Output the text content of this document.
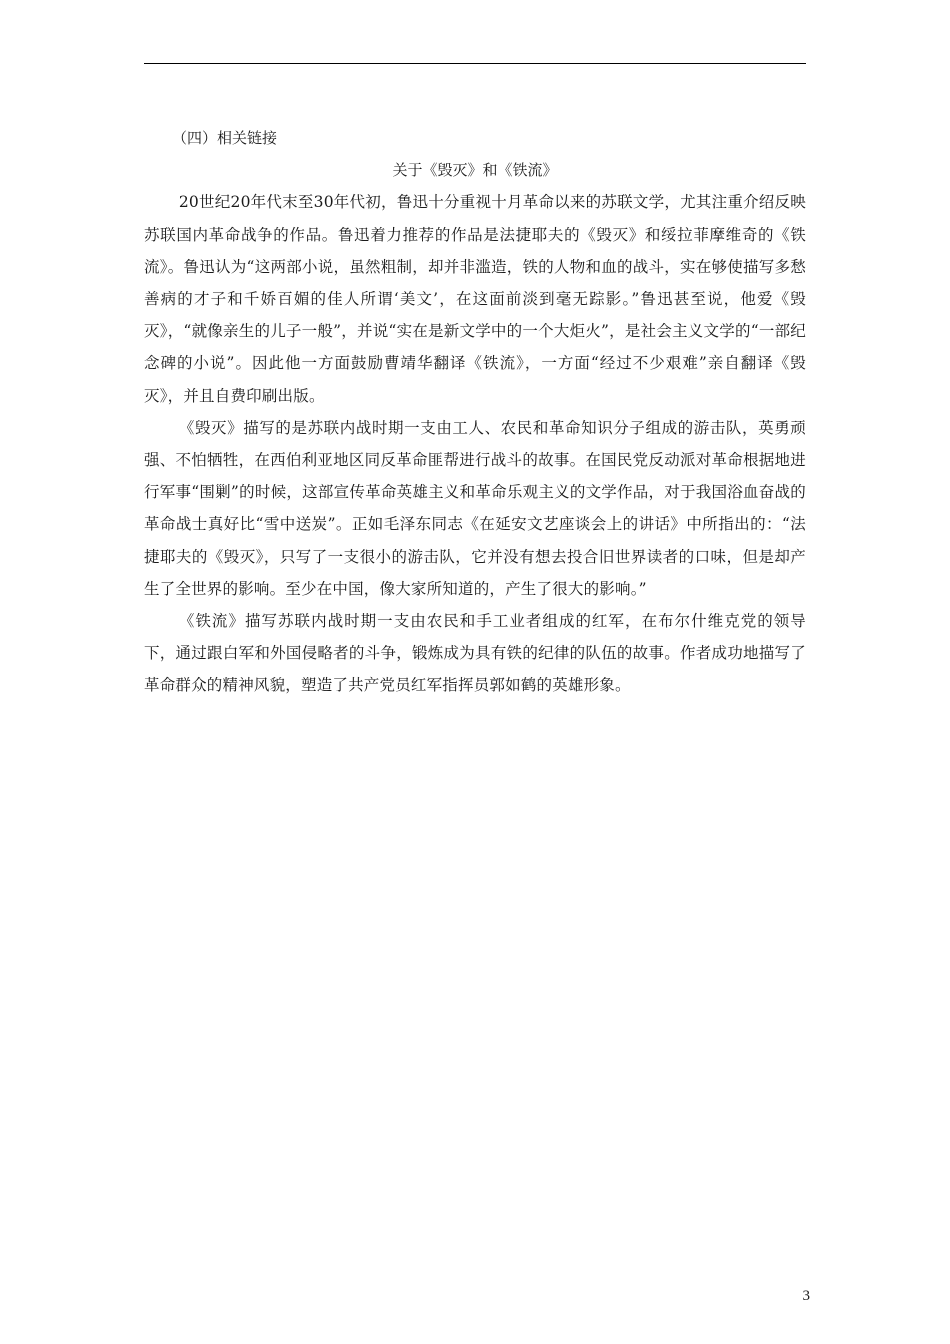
（四）相关链接

关于《毁灭》和《铁流》

20世纪20年代末至30年代初，鲁迅十分重视十月革命以来的苏联文学，尤其注重介绍反映苏联国内革命战争的作品。鲁迅着力推荐的作品是法捷耶夫的《毁灭》和绥拉菲摩维奇的《铁流》。鲁迅认为“这两部小说，虽然粗制，却并非滥造，铁的人物和血的战斗，实在够使描写多愁善病的才子和千娇百媚的佳人所谓‘美文’，在这面前淡到毫无踪影。”鲁迅甚至说，他爱《毁灭》，“就像亲生的儿子一般”，并说“实在是新文学中的一个大炬火”，是社会主义文学的“一部纪念碑的小说”。因此他一方面鼓励曹靖华翻译《铁流》，一方面“经过不少艰难”亲自翻译《毁灭》，并且自费印刷出版。

《毁灭》描写的是苏联内战时期一支由工人、农民和革命知识分子组成的游击队，英勇顽强、不怕牺牲，在西伯利亚地区同反革命匪帮进行战斗的故事。在国民党反动派对革命根据地进行军事“围剿”的时候，这部宣传革命英雄主义和革命乐观主义的文学作品，对于我国浴血奋战的革命战士真好比“雪中送炭”。正如毛泽东同志《在延安文艺座谈会上的讲话》中所指出的：“法捷耶夫的《毁灭》，只写了一支很小的游击队，它并没有想去投合旧世界读者的口味，但是却产生了全世界的影响。至少在中国，像大家所知道的，产生了很大的影响。”

《铁流》描写苏联内战时期一支由农民和手工业者组成的红军，在布尔什维克党的领导下，通过跟白军和外国侵略者的斗争，锻炼成为具有铁的纪律的队伍的故事。作者成功地描写了革命群众的精神风貌，塑造了共产党员红军指挥员郭如鹤的英雄形象。

3
